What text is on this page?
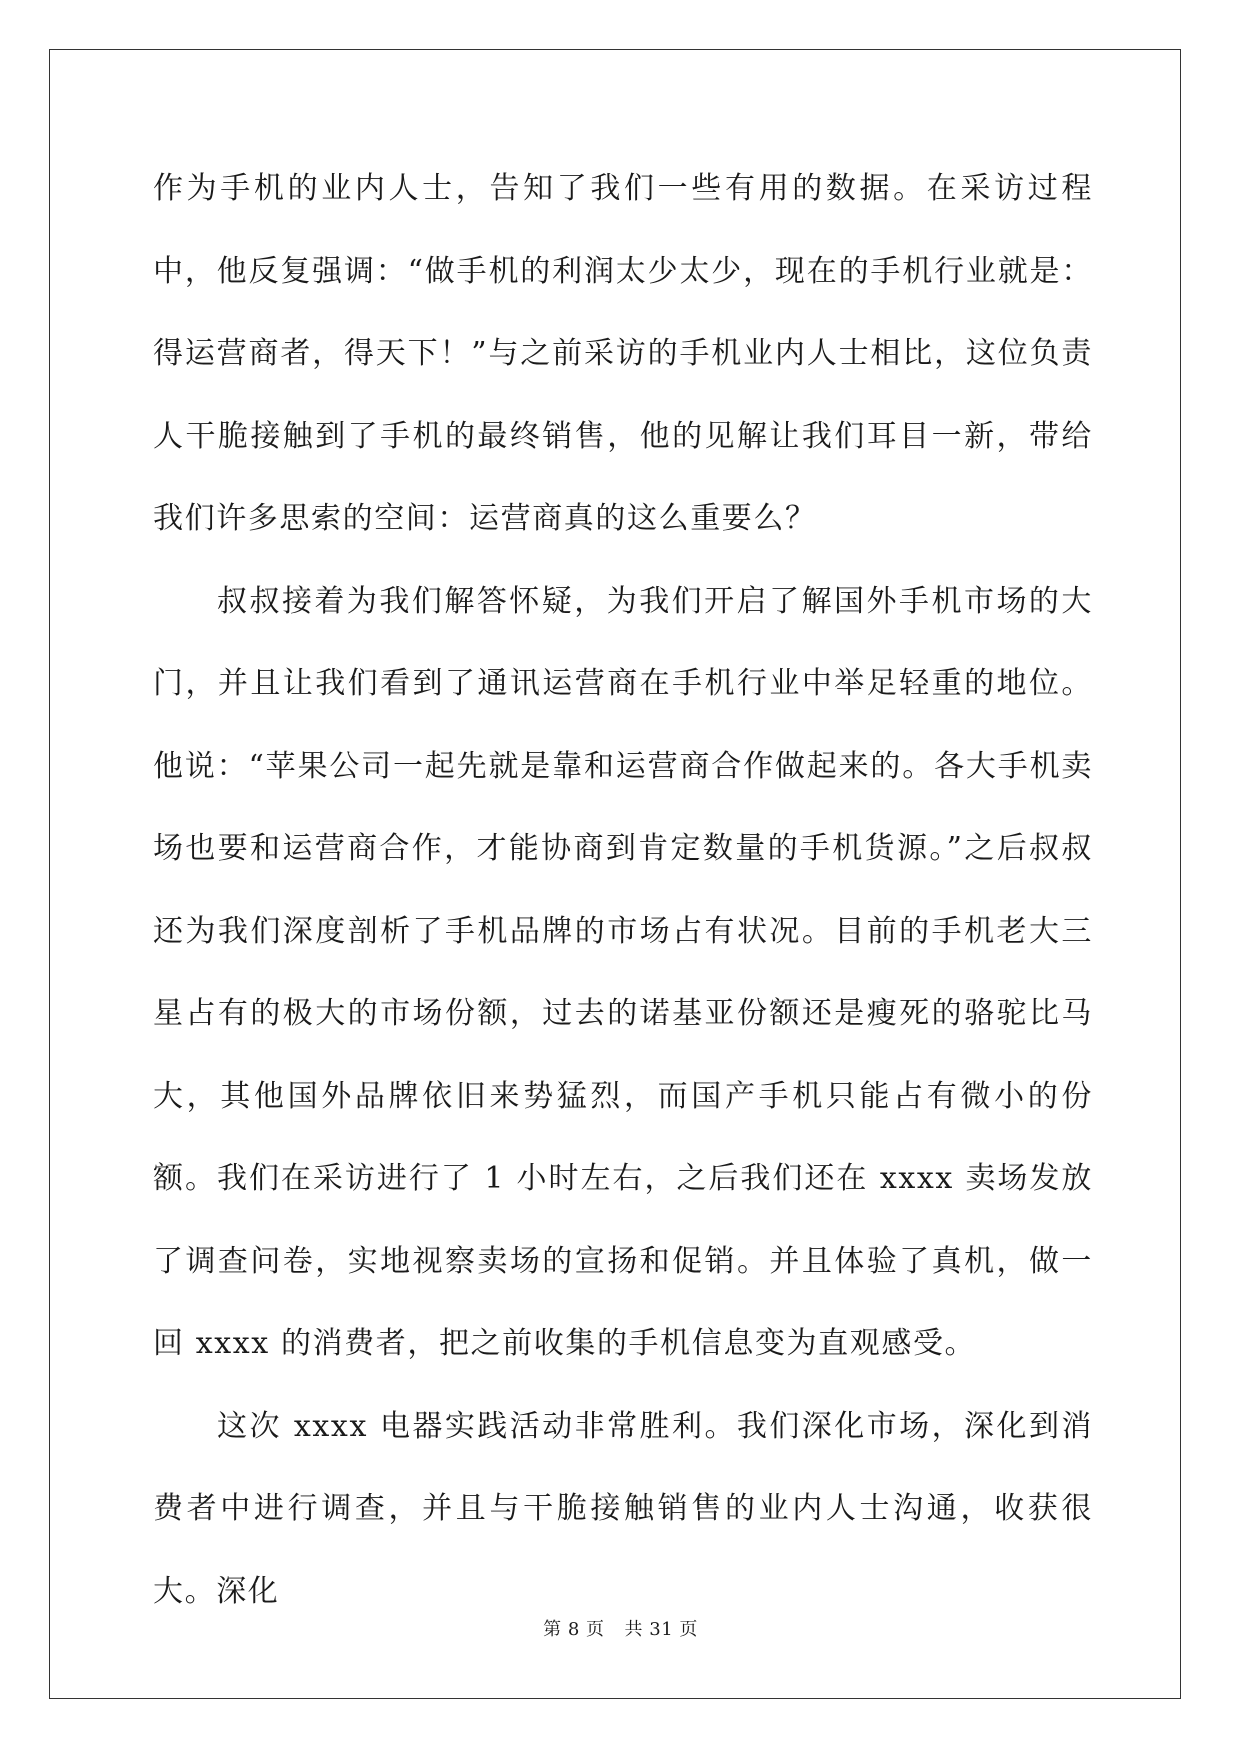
作为手机的业内人士，告知了我们一些有用的数据。在采访过程中，他反复强调：“做手机的利润太少太少，现在的手机行业就是：得运营商者，得天下！”与之前采访的手机业内人士相比，这位负责人干脆接触到了手机的最终销售，他的见解让我们耳目一新，带给我们许多思索的空间：运营商真的这么重要么？

叔叔接着为我们解答怀疑，为我们开启了解国外手机市场的大门，并且让我们看到了通讯运营商在手机行业中举足轻重的地位。他说：“苹果公司一起先就是靠和运营商合作做起来的。各大手机卖场也要和运营商合作，才能协商到肯定数量的手机货源。”之后叔叔还为我们深度剖析了手机品牌的市场占有状况。目前的手机老大三星占有的极大的市场份额，过去的诺基亚份额还是瘦死的骆驼比马大，其他国外品牌依旧来势猛烈，而国产手机只能占有微小的份额。我们在采访进行了 1 小时左右，之后我们还在 xxxx 卖场发放了调查问卷，实地视察卖场的宣扬和促销。并且体验了真机，做一回 xxxx 的消费者，把之前收集的手机信息变为直观感受。

这次 xxxx 电器实践活动非常胜利。我们深化市场，深化到消费者中进行调查，并且与干脆接触销售的业内人士沟通，收获很大。深化

第 8 页 共 31 页
